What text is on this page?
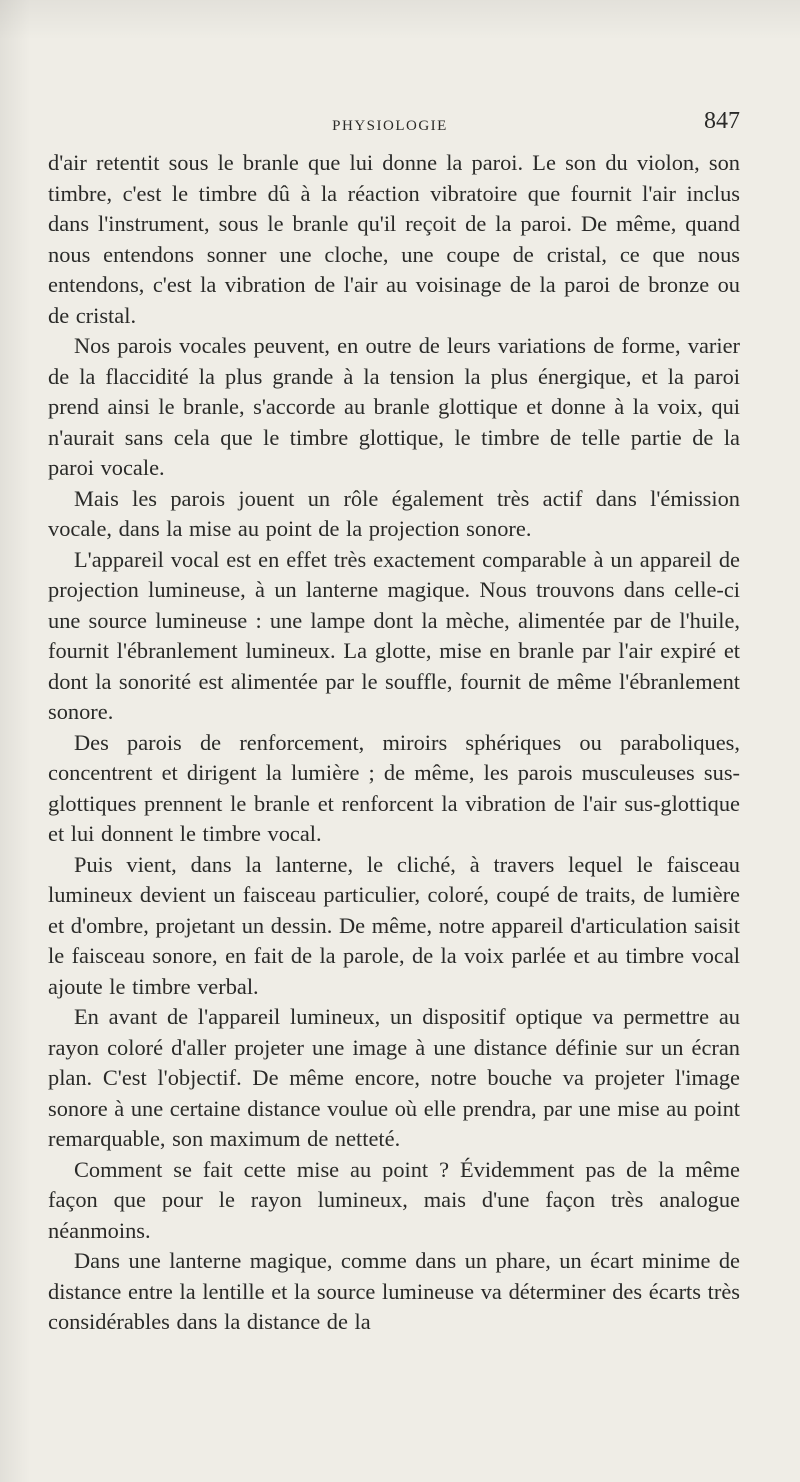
PHYSIOLOGIE	847

d'air retentit sous le branle que lui donne la paroi. Le son du violon, son timbre, c'est le timbre dû à la réaction vibratoire que fournit l'air inclus dans l'instrument, sous le branle qu'il reçoit de la paroi. De même, quand nous entendons sonner une cloche, une coupe de cristal, ce que nous entendons, c'est la vibration de l'air au voisinage de la paroi de bronze ou de cristal.

Nos parois vocales peuvent, en outre de leurs variations de forme, varier de la flaccidité la plus grande à la tension la plus énergique, et la paroi prend ainsi le branle, s'accorde au branle glottique et donne à la voix, qui n'aurait sans cela que le timbre glottique, le timbre de telle partie de la paroi vocale.

Mais les parois jouent un rôle également très actif dans l'émission vocale, dans la mise au point de la projection sonore.

L'appareil vocal est en effet très exactement comparable à un appareil de projection lumineuse, à un lanterne magique. Nous trouvons dans celle-ci une source lumineuse : une lampe dont la mèche, alimentée par de l'huile, fournit l'ébranlement lumineux. La glotte, mise en branle par l'air expiré et dont la sonorité est alimentée par le souffle, fournit de même l'ébranlement sonore.

Des parois de renforcement, miroirs sphériques ou paraboliques, concentrent et dirigent la lumière ; de même, les parois musculeuses sus-glottiques prennent le branle et renforcent la vibration de l'air sus-glottique et lui donnent le timbre vocal.

Puis vient, dans la lanterne, le cliché, à travers lequel le faisceau lumineux devient un faisceau particulier, coloré, coupé de traits, de lumière et d'ombre, projetant un dessin. De même, notre appareil d'articulation saisit le faisceau sonore, en fait de la parole, de la voix parlée et au timbre vocal ajoute le timbre verbal.

En avant de l'appareil lumineux, un dispositif optique va permettre au rayon coloré d'aller projeter une image à une distance définie sur un écran plan. C'est l'objectif. De même encore, notre bouche va projeter l'image sonore à une certaine distance voulue où elle prendra, par une mise au point remarquable, son maximum de netteté.

Comment se fait cette mise au point ? Évidemment pas de la même façon que pour le rayon lumineux, mais d'une façon très analogue néanmoins.

Dans une lanterne magique, comme dans un phare, un écart minime de distance entre la lentille et la source lumineuse va déterminer des écarts très considérables dans la distance de la
